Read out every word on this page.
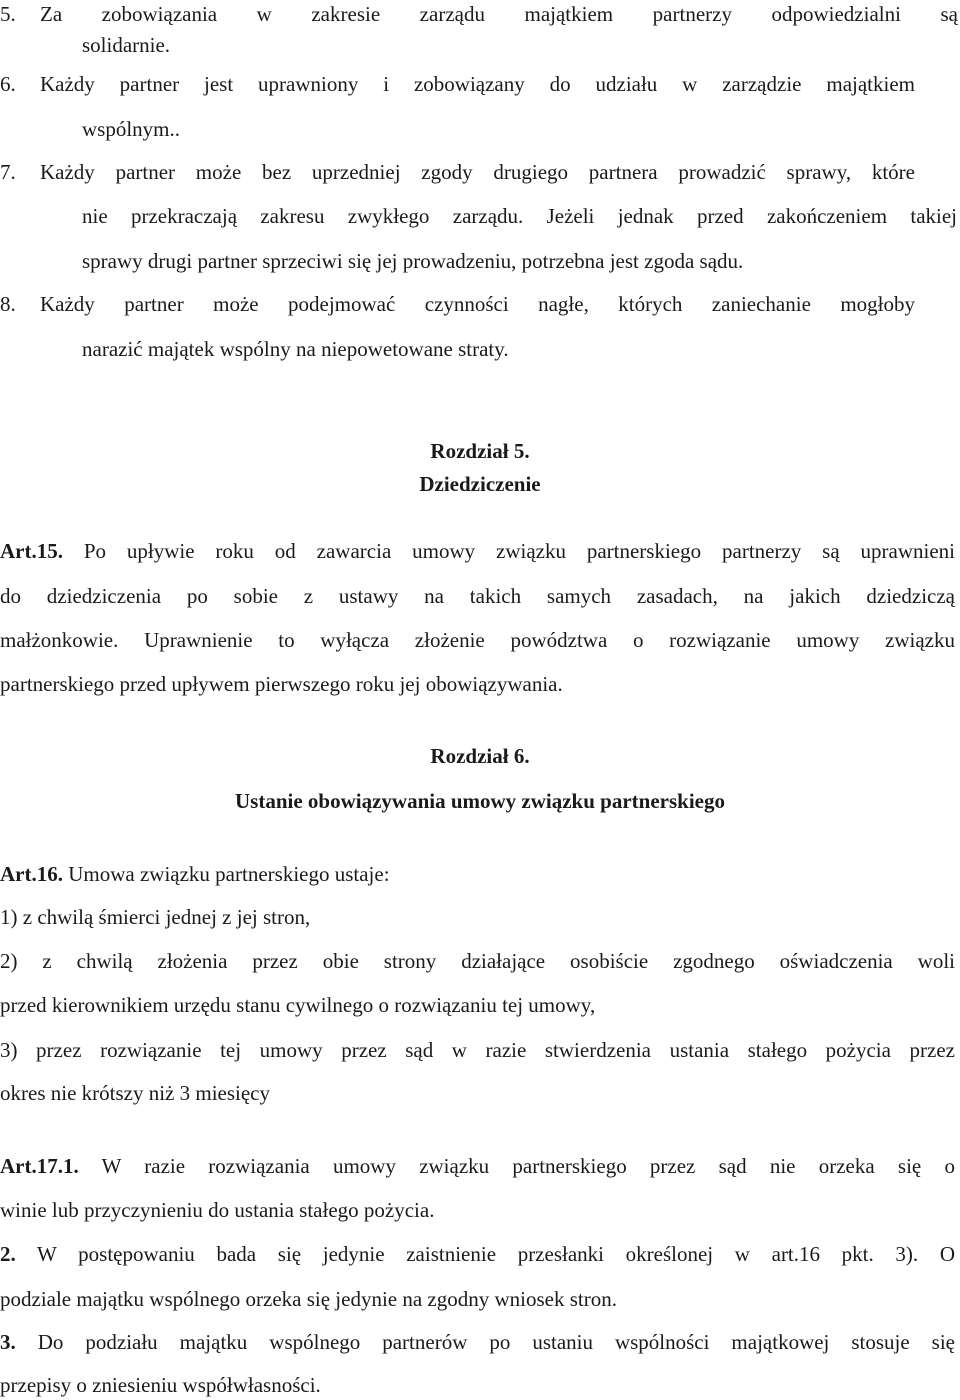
5. Za zobowiązania w zakresie zarządu majątkiem partnerzy odpowiedzialni są
solidarnie.
6. Każdy partner jest uprawniony i zobowiązany do udziału w zarządzie majątkiem
wspólnym..
7. Każdy partner może bez uprzedniej zgody drugiego partnera prowadzić sprawy, które
nie przekraczają zakresu zwykłego zarządu. Jeżeli jednak przed zakończeniem takiej
sprawy drugi partner sprzeciwi się jej prowadzeniu, potrzebna jest zgoda sądu.
8. Każdy partner może podejmować czynności nagłe, których zaniechanie mogłoby
narazić majątek wspólny na niepowetowane straty.
Rozdział 5.
Dziedziczenie
Art.15. Po upływie roku od zawarcia umowy związku partnerskiego partnerzy są uprawnieni
do dziedziczenia po sobie z ustawy na takich samych zasadach, na jakich dziedziczą
małżonkowie. Uprawnienie to wyłącza złożenie powództwa o rozwiązanie umowy związku
partnerskiego przed upływem pierwszego roku jej obowiązywania.
Rozdział 6.
Ustanie obowiązywania umowy związku partnerskiego
Art.16. Umowa związku partnerskiego ustaje:
1) z chwilą śmierci jednej z jej stron,
2) z chwilą złożenia przez obie strony działające osobiście zgodnego oświadczenia woli
przed kierownikiem urzędu stanu cywilnego o rozwiązaniu tej umowy,
3) przez rozwiązanie tej umowy przez sąd w razie stwierdzenia ustania stałego pożycia przez
okres nie krótszy niż 3 miesięcy
Art.17.1. W razie rozwiązania umowy związku partnerskiego przez sąd nie orzeka się o
winie lub przyczynieniu do ustania stałego pożycia.
2. W postępowaniu bada się jedynie zaistnienie przesłanki określonej w art.16 pkt. 3). O
podziale majątku wspólnego orzeka się jedynie na zgodny wniosek stron.
3. Do podziału majątku wspólnego partnerów po ustaniu wspólności majątkowej stosuje się
przepisy o zniesieniu współwłasności.
